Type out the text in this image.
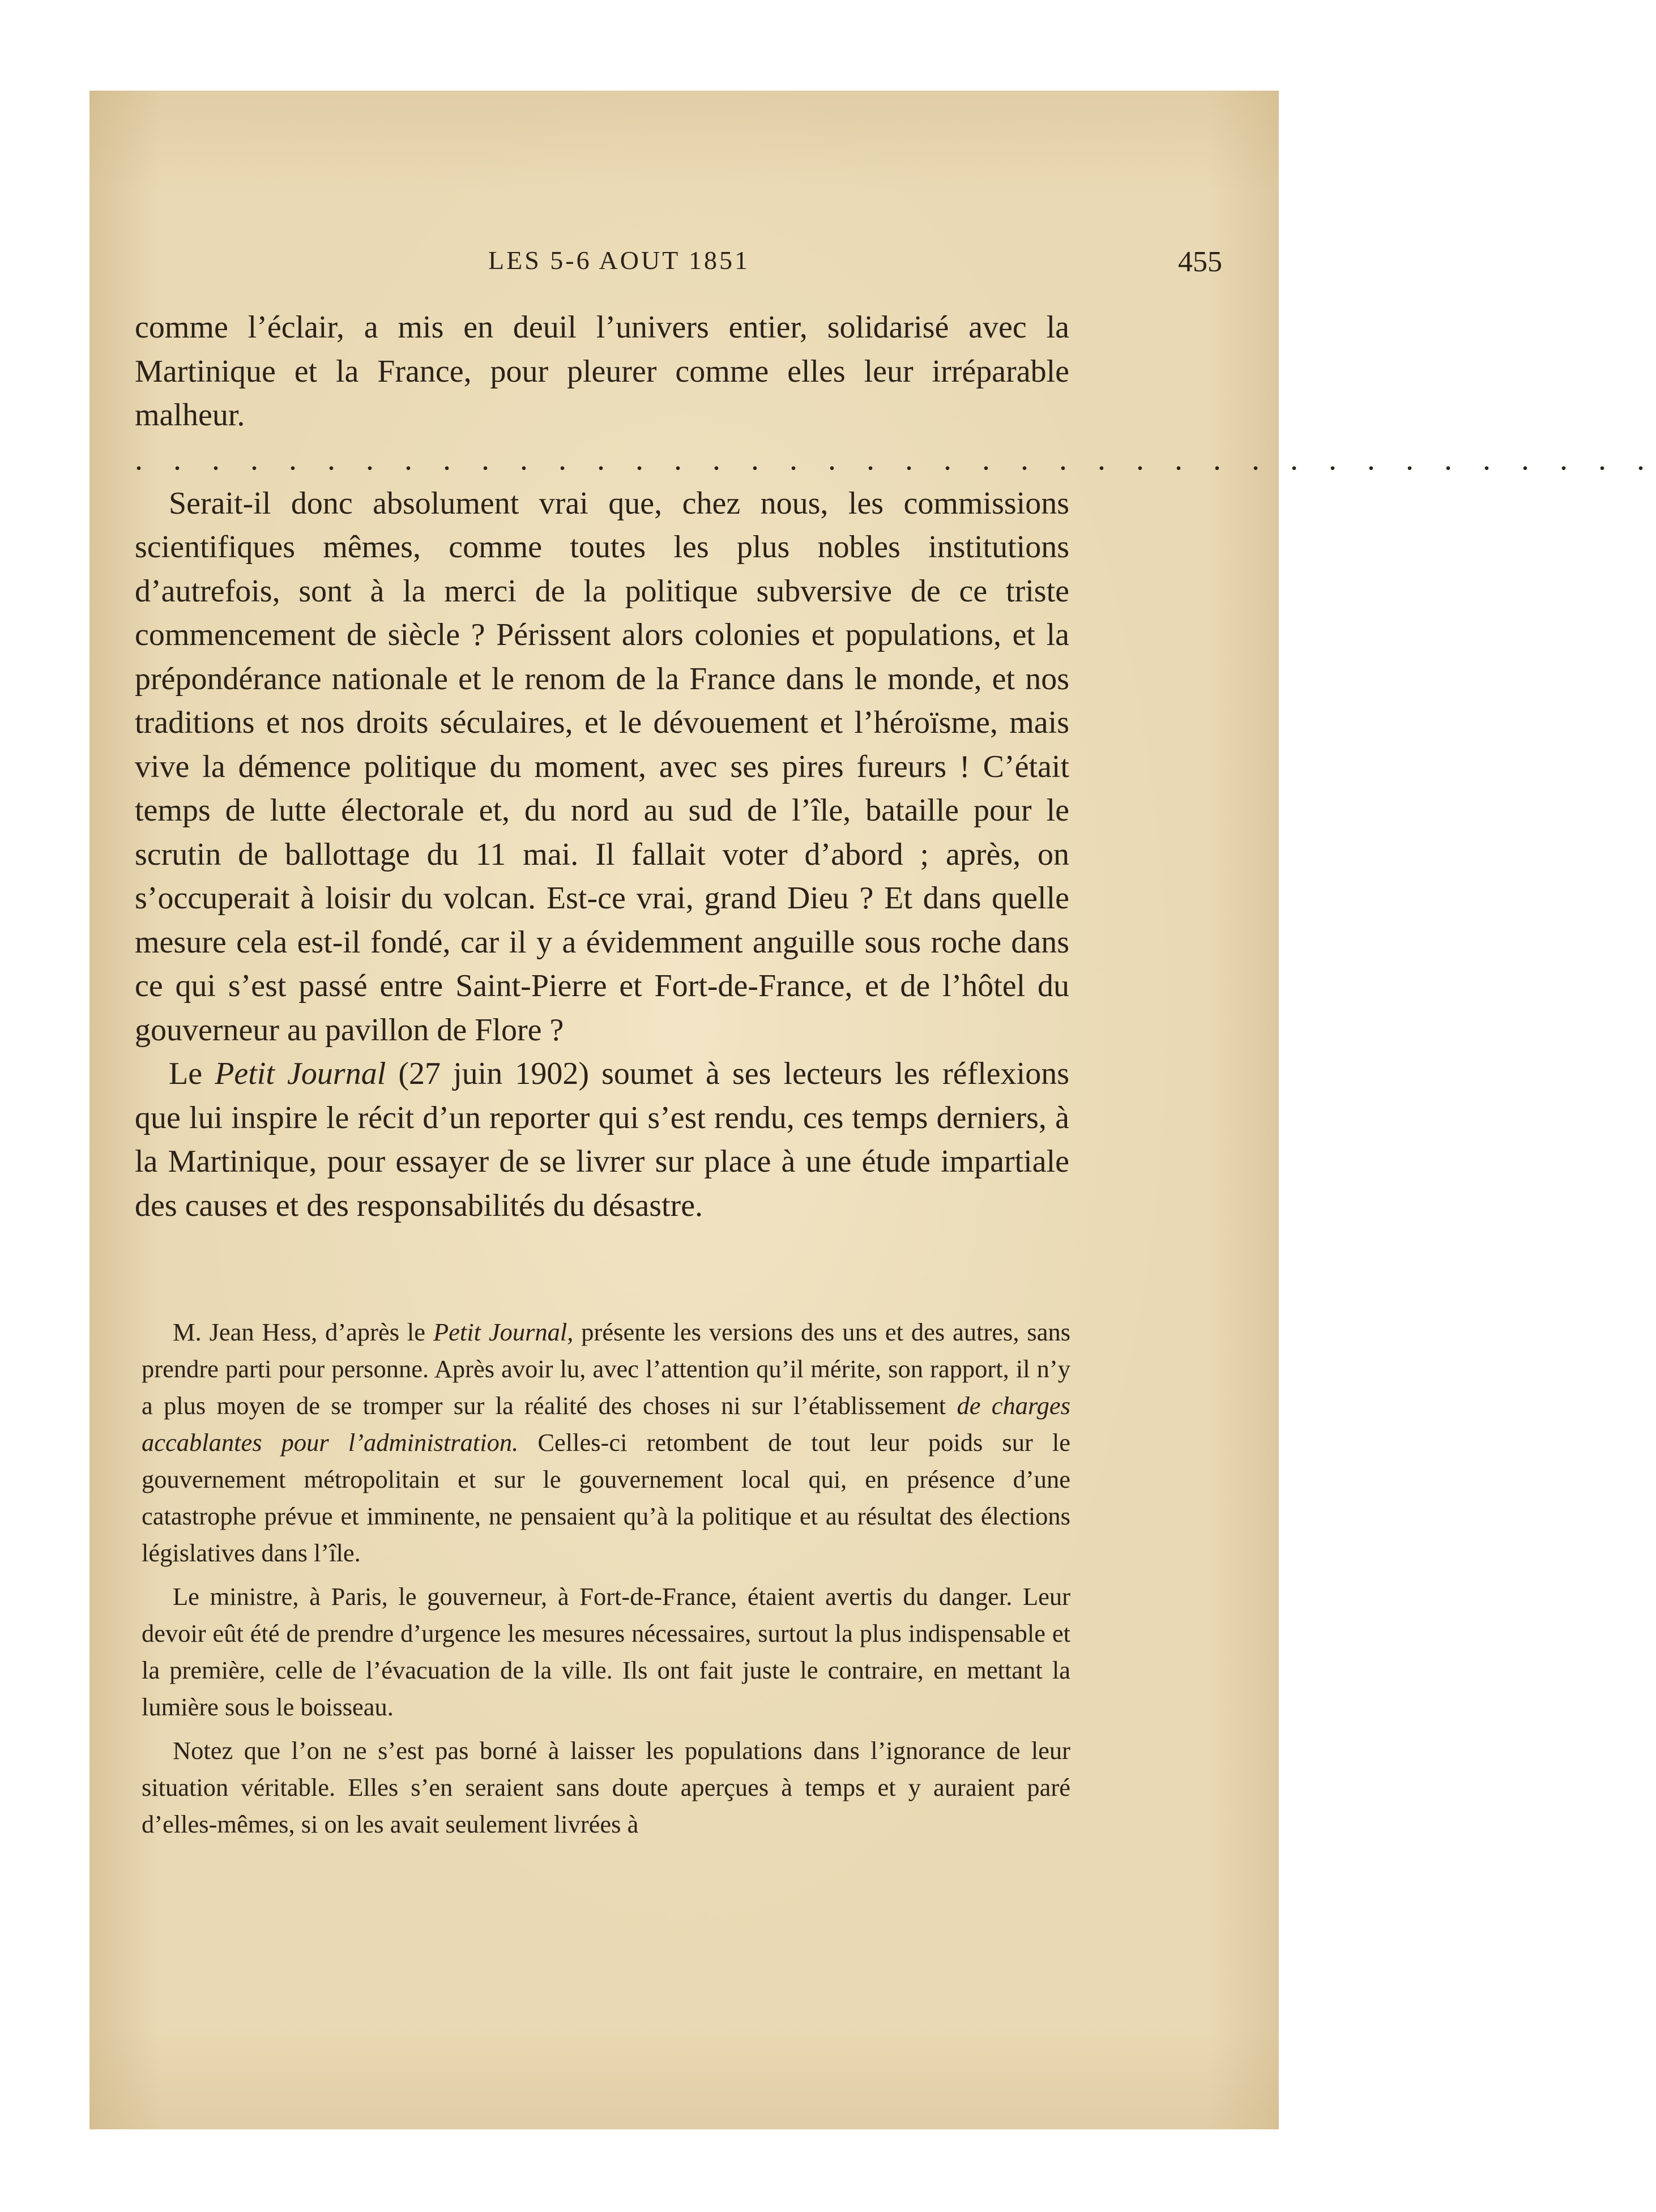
LES 5-6 AOUT 1851	455

comme l’éclair, a mis en deuil l’univers entier, solidarisé avec la Martinique et la France, pour pleurer comme elles leur irréparable malheur.

. . . . . . . . . . . . . . . . . . . . . . . . . . . . . . . . . . . . . . . .

Serait-il donc absolument vrai que, chez nous, les commissions scientifiques mêmes, comme toutes les plus nobles institutions d’autrefois, sont à la merci de la politique subversive de ce triste commencement de siècle ? Périssent alors colonies et populations, et la prépondérance nationale et le renom de la France dans le monde, et nos traditions et nos droits séculaires, et le dévouement et l’héroïsme, mais vive la démence politique du moment, avec ses pires fureurs ! C’était temps de lutte électorale et, du nord au sud de l’île, bataille pour le scrutin de ballottage du 11 mai. Il fallait voter d’abord ; après, on s’occuperait à loisir du volcan. Est-ce vrai, grand Dieu ? Et dans quelle mesure cela est-il fondé, car il y a évidemment anguille sous roche dans ce qui s’est passé entre Saint-Pierre et Fort-de-France, et de l’hôtel du gouverneur au pavillon de Flore ?

Le Petit Journal (27 juin 1902) soumet à ses lecteurs les réflexions que lui inspire le récit d’un reporter qui s’est rendu, ces temps derniers, à la Martinique, pour essayer de se livrer sur place à une étude impartiale des causes et des responsabilités du désastre.

M. Jean Hess, d’après le Petit Journal, présente les versions des uns et des autres, sans prendre parti pour personne. Après avoir lu, avec l’attention qu’il mérite, son rapport, il n’y a plus moyen de se tromper sur la réalité des choses ni sur l’établissement de charges accablantes pour l’administration. Celles-ci retombent de tout leur poids sur le gouvernement métropolitain et sur le gouvernement local qui, en présence d’une catastrophe prévue et imminente, ne pensaient qu’à la politique et au résultat des élections législatives dans l’île.

Le ministre, à Paris, le gouverneur, à Fort-de-France, étaient avertis du danger. Leur devoir eût été de prendre d’urgence les mesures nécessaires, surtout la plus indispensable et la première, celle de l’évacuation de la ville. Ils ont fait juste le contraire, en mettant la lumière sous le boisseau.

Notez que l’on ne s’est pas borné à laisser les populations dans l’ignorance de leur situation véritable. Elles s’en seraient sans doute aperçues à temps et y auraient paré d’elles-mêmes, si on les avait seulement livrées à
